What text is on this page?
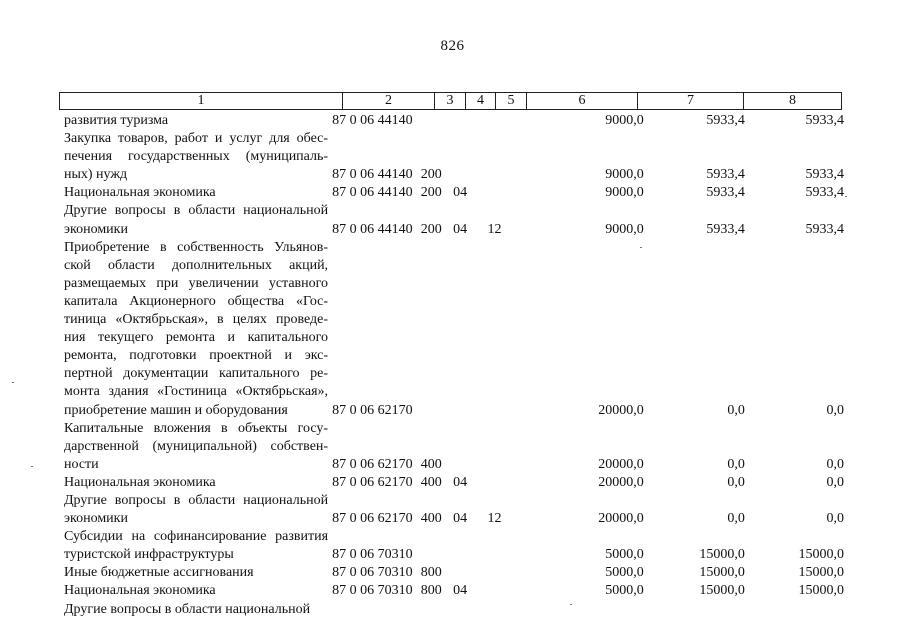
826
1	2	3	4	5	6	7	8
развития туризма	87 0 06 44140	9000,0	5933,4	5933,4
Закупка товаров, работ и услуг для обес-
печения государственных (муниципаль-
ных) нужд	87 0 06 44140 200	9000,0	5933,4	5933,4
Национальная экономика	87 0 06 44140 200 04	9000,0	5933,4	5933,4
Другие вопросы в области национальной
экономики	87 0 06 44140 200 04	12	9000,0	5933,4	5933,4
Приобретение в собственность Ульянов-
ской области дополнительных акций,
размещаемых при увеличении уставного
капитала Акционерного общества «Гос-
тиница «Октябрьская», в целях проведе-
ния текущего ремонта и капитального
ремонта, подготовки проектной и экс-
пертной документации капитального ре-
монта здания «Гостиница «Октябрьская»,
приобретение машин и оборудования	87 0 06 62170	20000,0	0,0	0,0
Капитальные вложения в объекты госу-
дарственной (муниципальной) собствен-
ности	87 0 06 62170 400	20000,0	0,0	0,0
Национальная экономика	87 0 06 62170 400 04	20000,0	0,0	0,0
Другие вопросы в области национальной
экономики	87 0 06 62170 400 04	12	20000,0	0,0	0,0
Субсидии на софинансирование развития
туристской инфраструктуры	87 0 06 70310	5000,0	15000,0	15000,0
Иные бюджетные ассигнования	87 0 06 70310 800	5000,0	15000,0	15000,0
Национальная экономика	87 0 06 70310 800 04	5000,0	15000,0	15000,0
Другие вопросы в области национальной
